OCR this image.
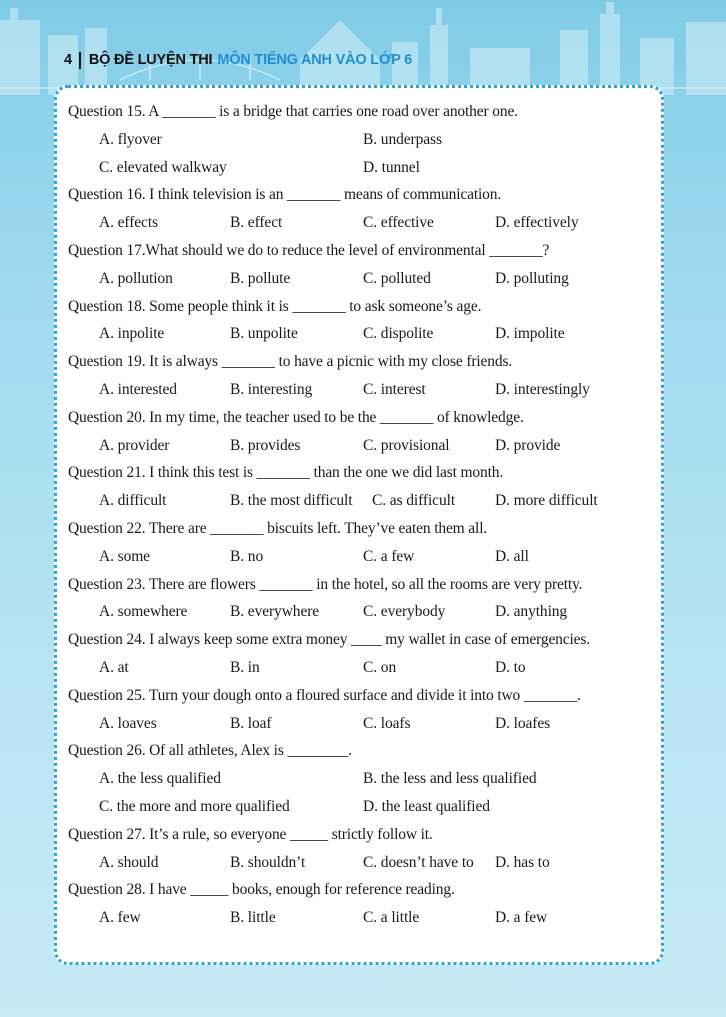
4 BỘ ĐỀ LUYỆN THI MÔN TIẾNG ANH VÀO LỚP 6
Question 15. A _______ is a bridge that carries one road over another one.
A. flyover	B. underpass
C. elevated walkway	D. tunnel
Question 16. I think television is an _______ means of communication.
A. effects	B. effect	C. effective	D. effectively
Question 17.What should we do to reduce the level of environmental _______?
A. pollution	B. pollute	C. polluted	D. polluting
Question 18. Some people think it is _______ to ask someone’s age.
A. inpolite	B. unpolite	C. dispolite	D. impolite
Question 19. It is always _______ to have a picnic with my close friends.
A. interested	B. interesting	C. interest	D. interestingly
Question 20. In my time, the teacher used to be the _______ of knowledge.
A. provider	B. provides	C. provisional	D. provide
Question 21. I think this test is _______ than the one we did last month.
A. difficult	B. the most difficult C. as difficult	D. more difficult
Question 22. There are _______ biscuits left. They’ve eaten them all.
A. some	B. no	C. a few	D. all
Question 23. There are flowers _______ in the hotel, so all the rooms are very pretty.
A. somewhere	B. everywhere	C. everybody	D. anything
Question 24. I always keep some extra money ____ my wallet in case of emergencies.
A. at	B. in	C. on	D. to
Question 25. Turn your dough onto a floured surface and divide it into two _______.
A. loaves	B. loaf	C. loafs	D. loafes
Question 26. Of all athletes, Alex is ________.
A. the less qualified	B. the less and less qualified
C. the more and more qualified	D. the least qualified
Question 27. It’s a rule, so everyone _____ strictly follow it.
A. should	B. shouldn’t	C. doesn’t have to D. has to
Question 28. I have _____ books, enough for reference reading.
A. few	B. little	C. a little	D. a few
